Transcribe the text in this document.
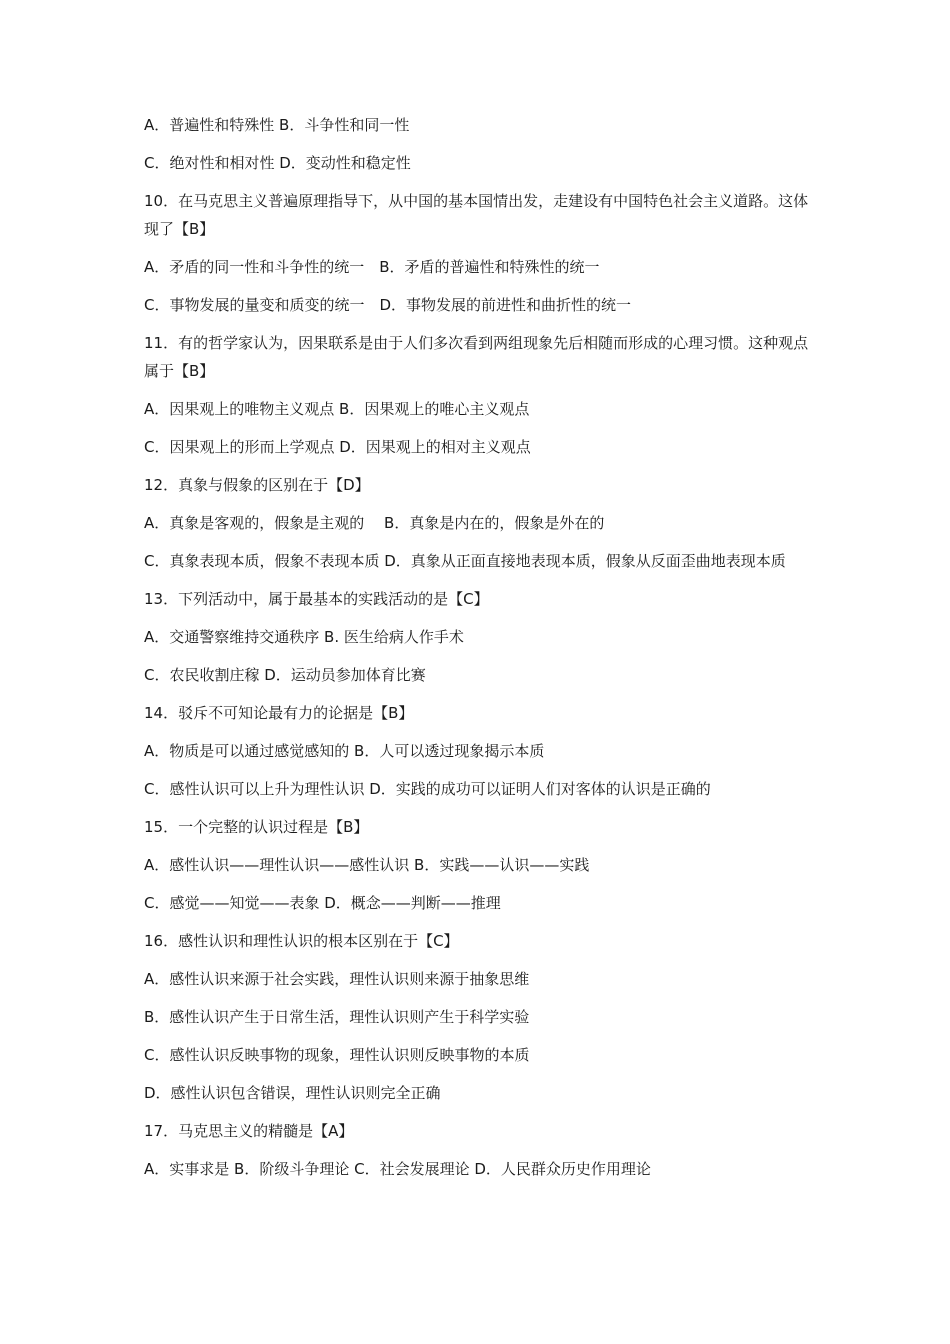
A．普遍性和特殊性 B．斗争性和同一性

C．绝对性和相对性 D．变动性和稳定性

10．在马克思主义普遍原理指导下，从中国的基本国情出发，走建设有中国特色社会主义道路。这体现了【B】

A．矛盾的同一性和斗争性的统一　B．矛盾的普遍性和特殊性的统一

C．事物发展的量变和质变的统一　D．事物发展的前进性和曲折性的统一

11．有的哲学家认为，因果联系是由于人们多次看到两组现象先后相随而形成的心理习惯。这种观点属于【B】

A．因果观上的唯物主义观点 B．因果观上的唯心主义观点

C．因果观上的形而上学观点 D．因果观上的相对主义观点

12．真象与假象的区别在于【D】

A．真象是客观的，假象是主观的　 B．真象是内在的，假象是外在的

C．真象表现本质，假象不表现本质 D．真象从正面直接地表现本质，假象从反面歪曲地表现本质

13．下列活动中，属于最基本的实践活动的是【C】

A．交通警察维持交通秩序 B. 医生给病人作手术

C．农民收割庄稼 D．运动员参加体育比赛

14．驳斥不可知论最有力的论据是【B】

A．物质是可以通过感觉感知的 B．人可以透过现象揭示本质

C．感性认识可以上升为理性认识 D．实践的成功可以证明人们对客体的认识是正确的

15．一个完整的认识过程是【B】

A．感性认识——理性认识——感性认识 B．实践——认识——实践

C．感觉——知觉——表象 D．概念——判断——推理

16．感性认识和理性认识的根本区别在于【C】

A．感性认识来源于社会实践，理性认识则来源于抽象思维

B．感性认识产生于日常生活，理性认识则产生于科学实验

C．感性认识反映事物的现象，理性认识则反映事物的本质

D．感性认识包含错误，理性认识则完全正确

17．马克思主义的精髓是【A】

A．实事求是 B．阶级斗争理论 C．社会发展理论 D．人民群众历史作用理论
